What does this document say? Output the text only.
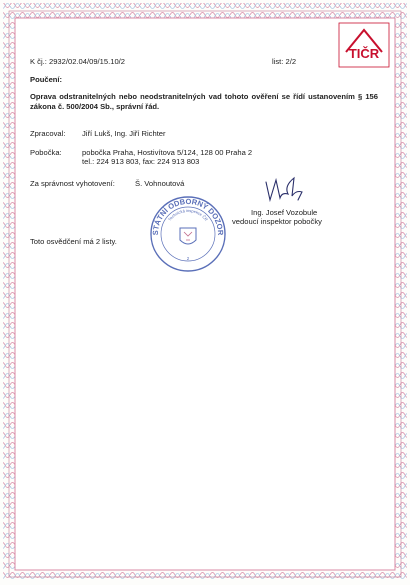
TIČR
K čj.: 2932/02.04/09/15.10/2	list: 2/2
Poučení:
Oprava odstranitelných nebo neodstranitelných vad tohoto ověření se řídí ustanovením § 156 zákona č. 500/2004 Sb., správní řád.
Zpracoval: Jiří Lukš, Ing. Jiří Richter
Pobočka:	pobočka Praha, Hostivítova 5/124, 128 00 Praha 2
tel.: 224 913 803, fax: 224 913 803
Za správnost vyhotovení:	Š. Vohnoutová
STÁTNÍ ODBORNÝ DOZOR
Technická inspekce ČR
2
Ing. Josef Vozobule
vedoucí inspektor pobočky
Toto osvědčení má 2 listy.
